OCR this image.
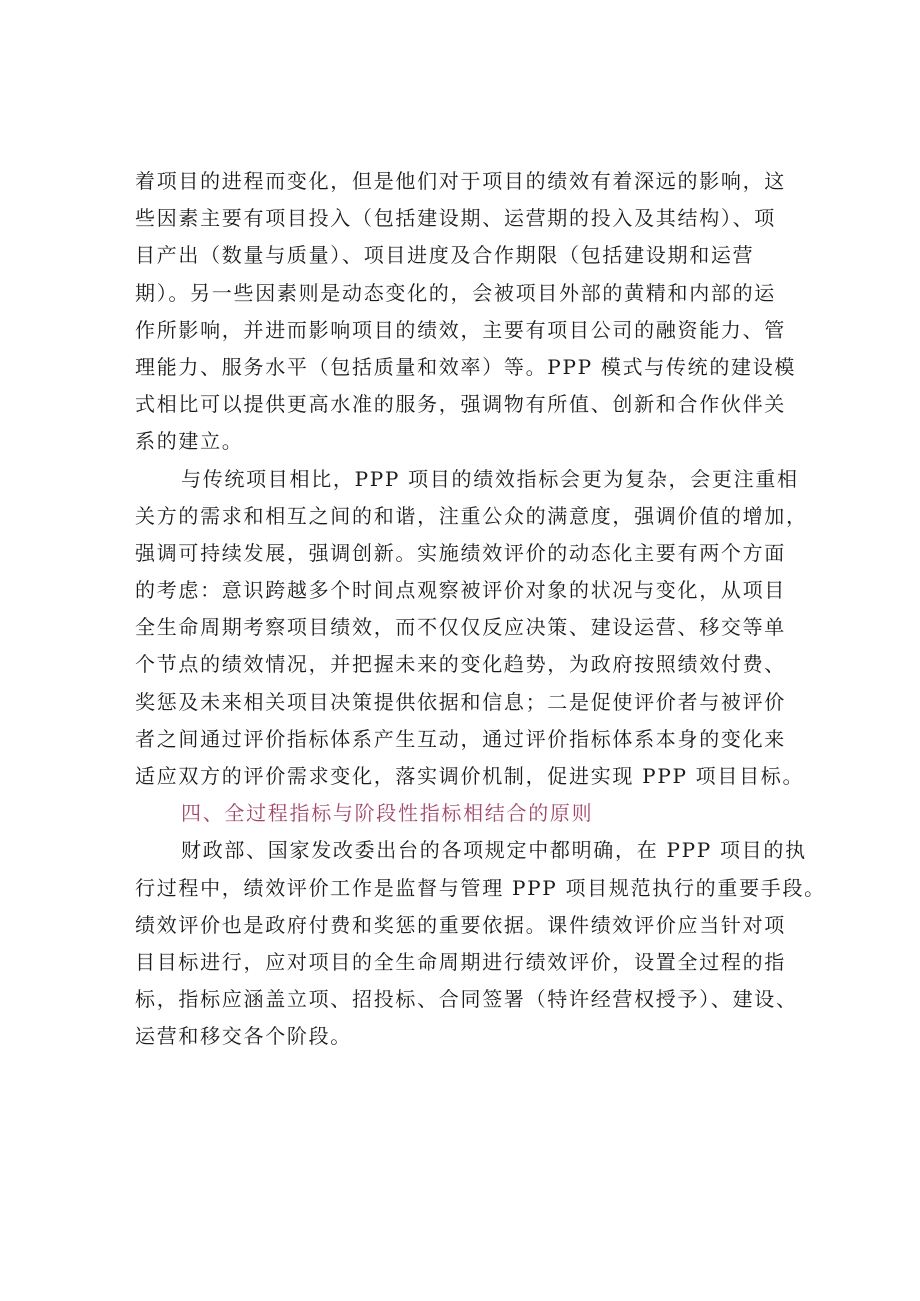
着项目的进程而变化，但是他们对于项目的绩效有着深远的影响，这
些因素主要有项目投入（包括建设期、运营期的投入及其结构）、项
目产出（数量与质量）、项目进度及合作期限（包括建设期和运营
期）。另一些因素则是动态变化的，会被项目外部的黄精和内部的运
作所影响，并进而影响项目的绩效，主要有项目公司的融资能力、管
理能力、服务水平（包括质量和效率）等。PPP 模式与传统的建设模
式相比可以提供更高水准的服务，强调物有所值、创新和合作伙伴关
系的建立。
与传统项目相比，PPP 项目的绩效指标会更为复杂，会更注重相
关方的需求和相互之间的和谐，注重公众的满意度，强调价值的增加，
强调可持续发展，强调创新。实施绩效评价的动态化主要有两个方面
的考虑：意识跨越多个时间点观察被评价对象的状况与变化，从项目
全生命周期考察项目绩效，而不仅仅反应决策、建设运营、移交等单
个节点的绩效情况，并把握未来的变化趋势，为政府按照绩效付费、
奖惩及未来相关项目决策提供依据和信息；二是促使评价者与被评价
者之间通过评价指标体系产生互动，通过评价指标体系本身的变化来
适应双方的评价需求变化，落实调价机制，促进实现 PPP 项目目标。
四、全过程指标与阶段性指标相结合的原则
财政部、国家发改委出台的各项规定中都明确，在 PPP 项目的执
行过程中，绩效评价工作是监督与管理 PPP 项目规范执行的重要手段。
绩效评价也是政府付费和奖惩的重要依据。课件绩效评价应当针对项
目目标进行，应对项目的全生命周期进行绩效评价，设置全过程的指
标，指标应涵盖立项、招投标、合同签署（特许经营权授予）、建设、
运营和移交各个阶段。
